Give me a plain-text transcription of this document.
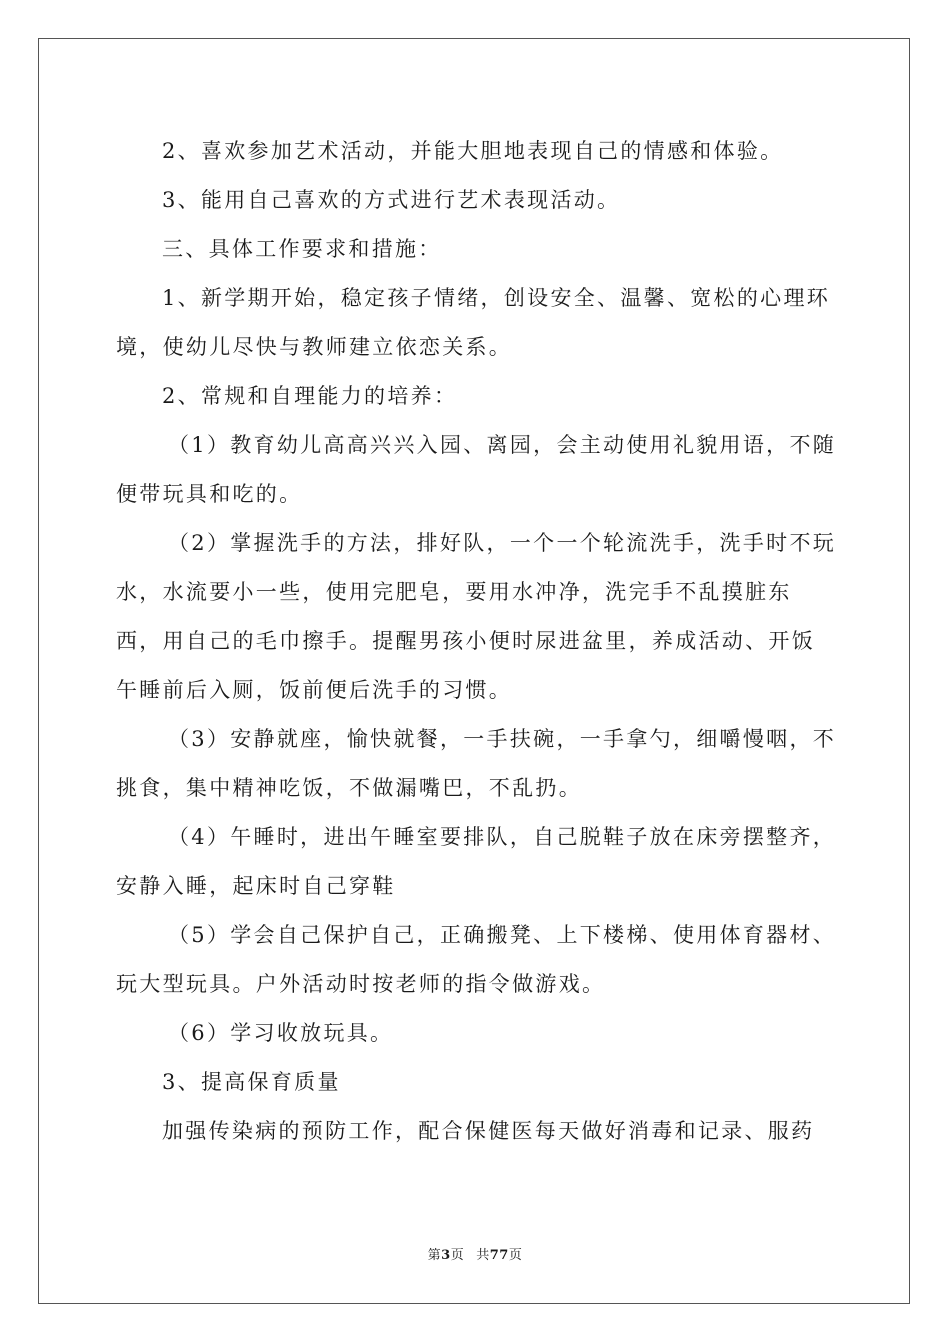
2、喜欢参加艺术活动，并能大胆地表现自己的情感和体验。

3、能用自己喜欢的方式进行艺术表现活动。

三、具体工作要求和措施：

1、新学期开始，稳定孩子情绪，创设安全、温馨、宽松的心理环境，使幼儿尽快与教师建立依恋关系。

2、常规和自理能力的培养：

（1）教育幼儿高高兴兴入园、离园，会主动使用礼貌用语，不随便带玩具和吃的。

（2）掌握洗手的方法，排好队，一个一个轮流洗手，洗手时不玩水，水流要小一些，使用完肥皂，要用水冲净，洗完手不乱摸脏东西，用自己的毛巾擦手。提醒男孩小便时尿进盆里，养成活动、开饭午睡前后入厕，饭前便后洗手的习惯。

（3）安静就座，愉快就餐，一手扶碗，一手拿勺，细嚼慢咽，不挑食，集中精神吃饭，不做漏嘴巴，不乱扔。

（4）午睡时，进出午睡室要排队，自己脱鞋子放在床旁摆整齐，安静入睡，起床时自己穿鞋

（5）学会自己保护自己，正确搬凳、上下楼梯、使用体育器材、玩大型玩具。户外活动时按老师的指令做游戏。

（6）学习收放玩具。

3、提高保育质量

加强传染病的预防工作，配合保健医每天做好消毒和记录、服药

第3页 共77页
